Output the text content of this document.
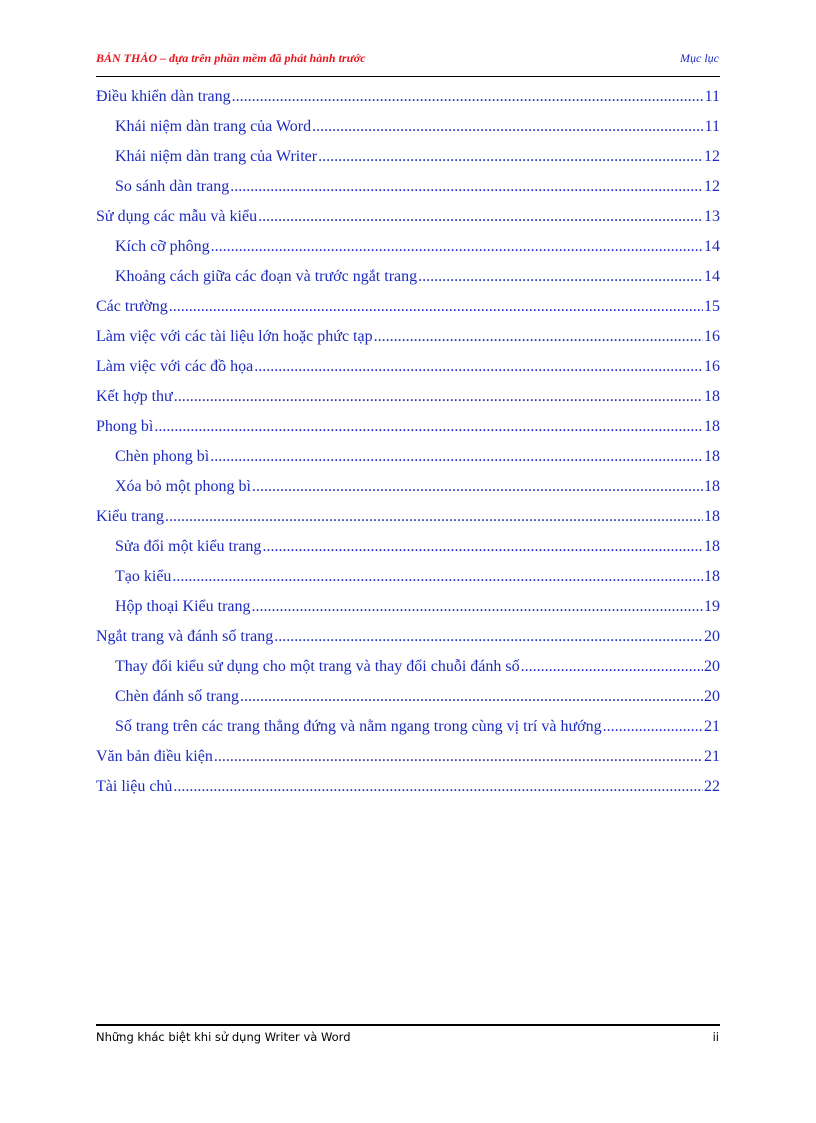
BẢN THẢO – dựa trên phần mềm đã phát hành trước	Mục lục
Điều khiển dàn trang .....	11
Khái niệm dàn trang của Word .....	11
Khái niệm dàn trang của Writer .....	12
So sánh dàn trang .....	12
Sử dụng các mẫu và kiểu .....	13
Kích cỡ phông .....	14
Khoảng cách giữa các đoạn và trước ngắt trang .....	14
Các trường .....	15
Làm việc với các tài liệu lớn hoặc phức tạp .....	16
Làm việc với các đồ họa .....	16
Kết hợp thư .....	18
Phong bì .....	18
Chèn phong bì .....	18
Xóa bỏ một phong bì .....	18
Kiểu trang .....	18
Sửa đổi một kiểu trang .....	18
Tạo kiểu .....	18
Hộp thoại Kiểu trang .....	19
Ngắt trang và đánh số trang .....	20
Thay đổi kiểu sử dụng cho một trang và thay đổi chuỗi đánh số .....	20
Chèn đánh số trang .....	20
Số trang trên các trang thẳng đứng và nằm ngang trong cùng vị trí và hướng .....	21
Văn bản điều kiện .....	21
Tài liệu chủ .....	22
Những khác biệt khi sử dụng Writer và Word	ii
